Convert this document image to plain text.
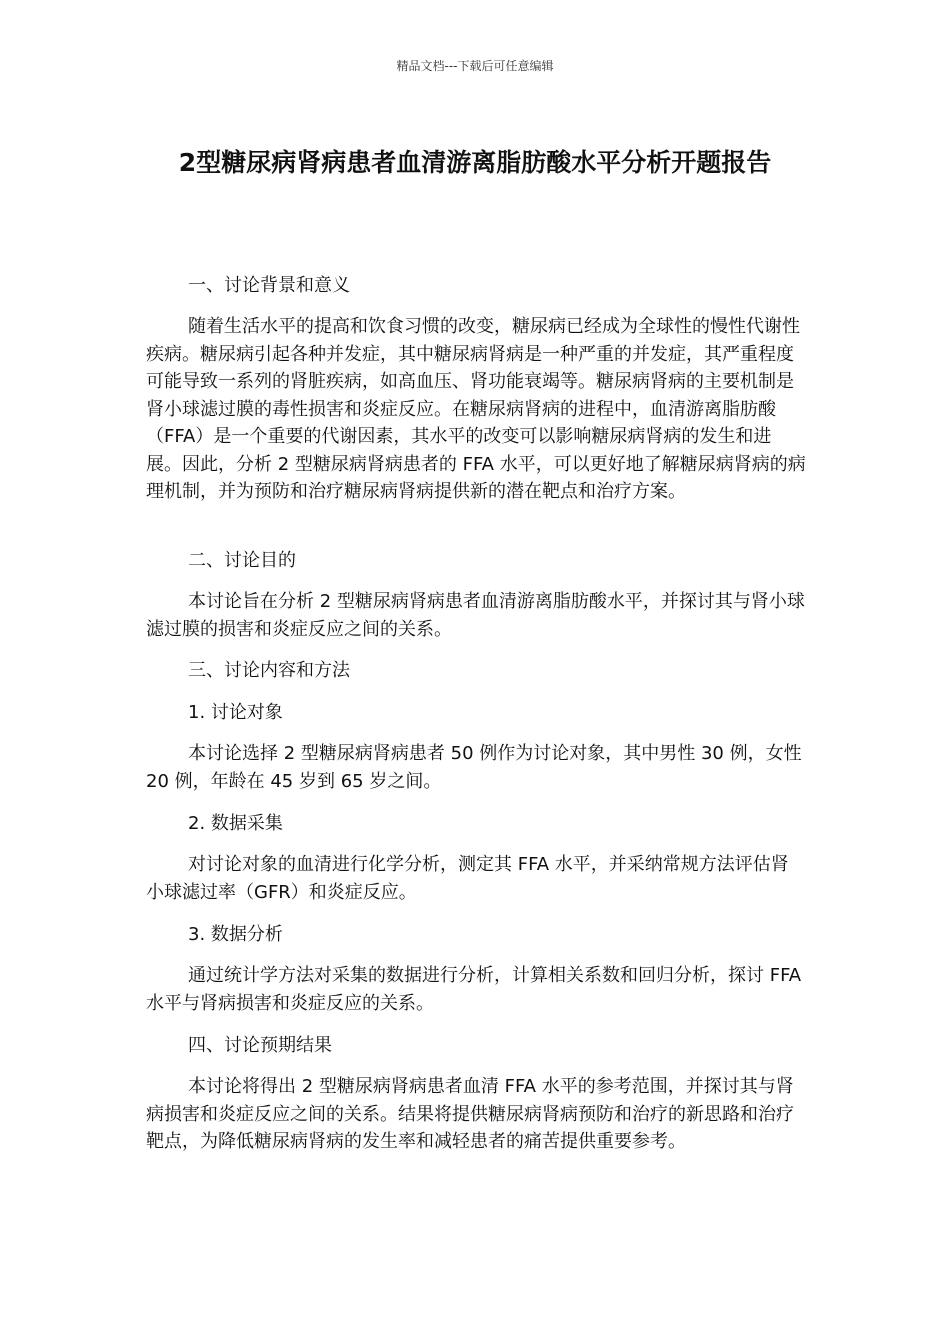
精品文档---下载后可任意编辑
2型糖尿病肾病患者血清游离脂肪酸水平分析开题报告
一、讨论背景和意义
随着生活水平的提高和饮食习惯的改变，糖尿病已经成为全球性的慢性代谢性疾病。糖尿病引起各种并发症，其中糖尿病肾病是一种严重的并发症，其严重程度可能导致一系列的肾脏疾病，如高血压、肾功能衰竭等。糖尿病肾病的主要机制是肾小球滤过膜的毒性损害和炎症反应。在糖尿病肾病的进程中，血清游离脂肪酸（FFA）是一个重要的代谢因素，其水平的改变可以影响糖尿病肾病的发生和进展。因此，分析 2 型糖尿病肾病患者的 FFA 水平，可以更好地了解糖尿病肾病的病理机制，并为预防和治疗糖尿病肾病提供新的潜在靶点和治疗方案。
二、讨论目的
本讨论旨在分析 2 型糖尿病肾病患者血清游离脂肪酸水平，并探讨其与肾小球滤过膜的损害和炎症反应之间的关系。
三、讨论内容和方法
1. 讨论对象
本讨论选择 2 型糖尿病肾病患者 50 例作为讨论对象，其中男性 30 例，女性 20 例，年龄在 45 岁到 65 岁之间。
2. 数据采集
对讨论对象的血清进行化学分析，测定其 FFA 水平，并采纳常规方法评估肾小球滤过率（GFR）和炎症反应。
3. 数据分析
通过统计学方法对采集的数据进行分析，计算相关系数和回归分析，探讨 FFA 水平与肾病损害和炎症反应的关系。
四、讨论预期结果
本讨论将得出 2 型糖尿病肾病患者血清 FFA 水平的参考范围，并探讨其与肾病损害和炎症反应之间的关系。结果将提供糖尿病肾病预防和治疗的新思路和治疗靶点，为降低糖尿病肾病的发生率和减轻患者的痛苦提供重要参考。
